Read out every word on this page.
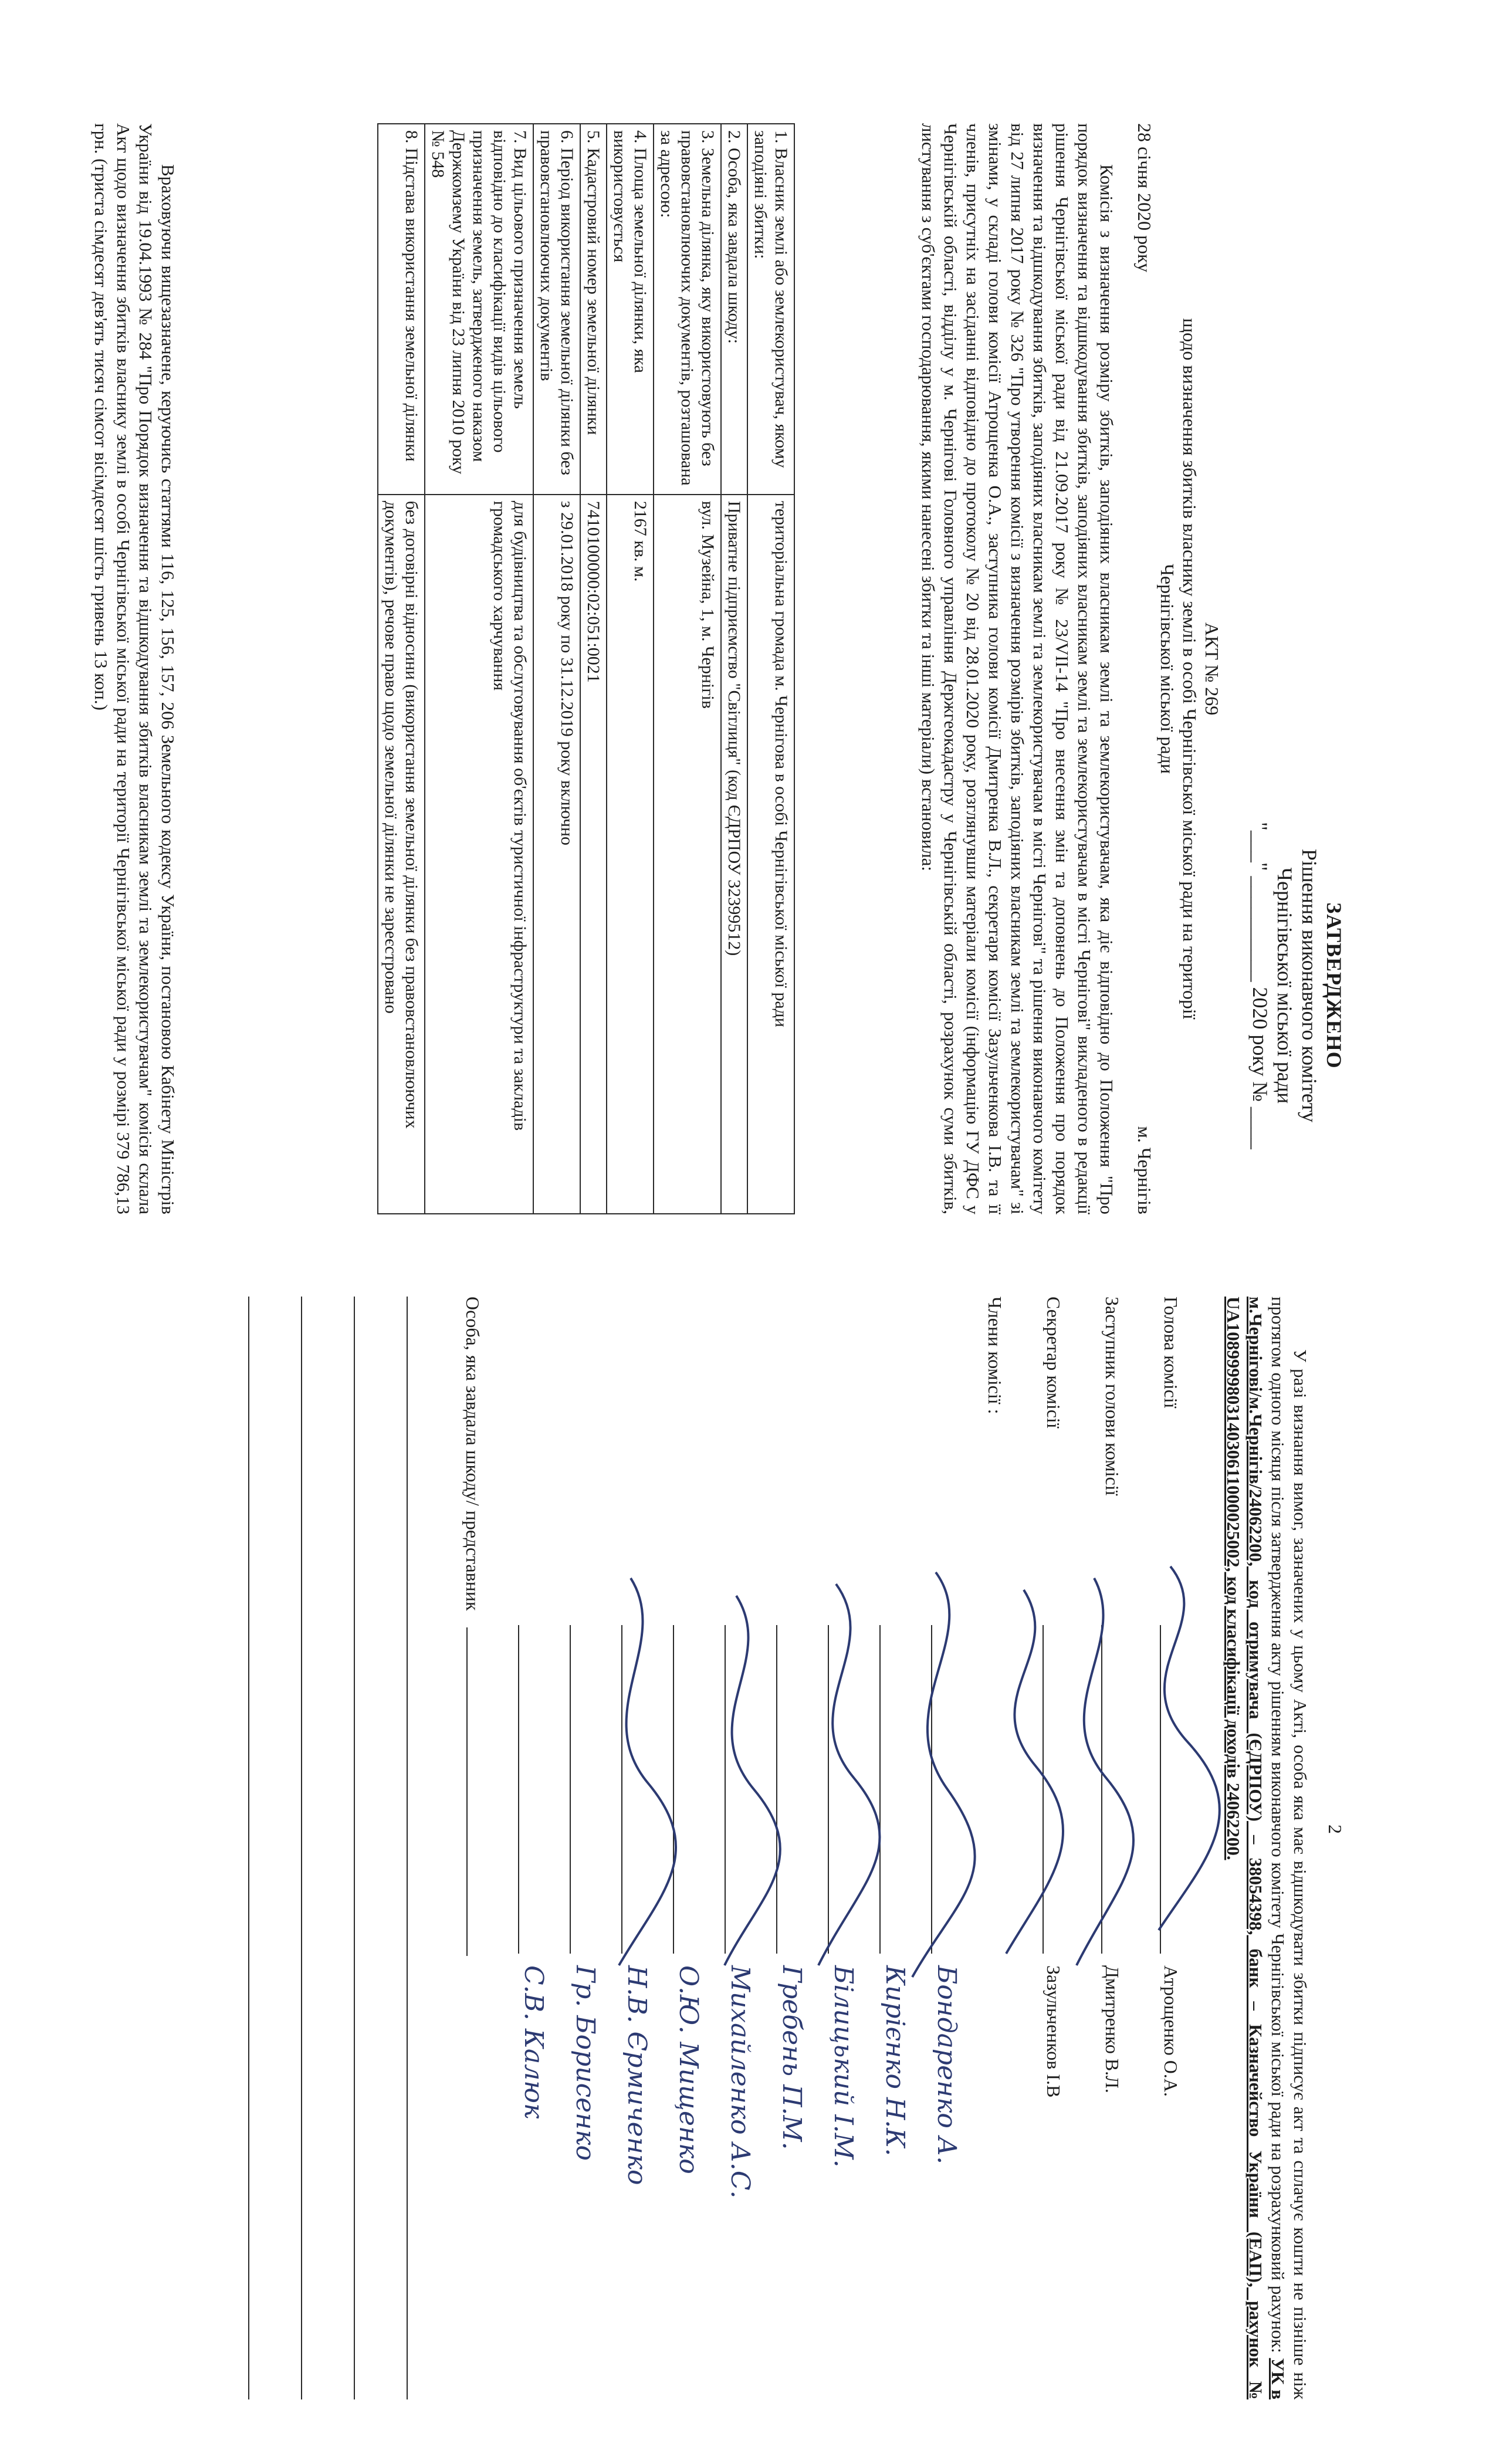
ЗАТВЕРДЖЕНО
Рішення виконавчого комітету
Чернігівської міської ради
"___" __________ 2020 року № ____
АКТ № 269
щодо визначення збитків власнику землі в особі Чернігівської міської ради на території
Чернігівської міської ради
28 січня 2020 року
м. Чернігів

Комісія з визначення розміру збитків, заподіяних власникам землі та землекористувачам, яка діє відповідно до Положення "Про порядок визначення та відшкодування збитків, заподіяних власникам землі та землекористувачам в місті Чернігові" викладеного в редакції рішення Чернігівської міської ради від 21.09.2017 року № 23/VII-14 "Про внесення змін та доповнень до Положення про порядок визначення та відшкодування збитків, заподіяних власникам землі та землекористувачам в місті Чернігові" та рішення виконавчого комітету від 27 липня 2017 року № 326 "Про утворення комісії з визначення розмірів збитків, заподіяних власникам землі та землекористувачам" зі змінами, у складі голови комісії Атрощенка О.А., заступника голови комісії Дмитренка В.Л., секретаря комісії Зазульченкова І.В. та її членів, присутніх на засіданні відповідно до протоколу № 20 від 28.01.2020 року, розглянувши матеріали комісії (інформацію ГУ ДФС у Чернігівській області, відділу у м. Чернігові Головного управління Держгеокадастру у Чернігівській області, розрахунок суми збитків, листування з суб'єктами господарювання, якими нанесені збитки та інші матеріали) встановила:

1. Власник землі або землекористувач, якому заподіяні збитки:	територіальна громада м. Чернігова в особі Чернігівської міської ради
2. Особа, яка завдала шкоду:	Приватне підприємство "Світлиця" (код ЄДРПОУ 32399512)
3. Земельна ділянка, яку використовують без правовстановлюючих документів, розташована за адресою:	вул. Музейна, 1, м. Чернігів
4. Площа земельної ділянки, яка використовується	2167 кв. м.
5. Кадастровий номер земельної ділянки	7410100000:02:051:0021
6. Період використання земельної ділянки без правовстановлюючих документів	з 29.01.2018 року по 31.12.2019 року включно
7. Вид цільового призначення земель відповідно до класифікації видів цільового призначення земель, затвердженого наказом Держкомзему України від 23 липня 2010 року № 548	для будівництва та обслуговування об'єктів туристичної інфраструктури та закладів громадського харчування
8. Підстава використання земельної ділянки	без договірні відносини (використання земельної ділянки без правовстановлюючих документів), речове право щодо земельної ділянки не зареєстровано

Враховуючи вищезазначене, керуючись статтями 116, 125, 156, 157, 206 Земельного кодексу України, постановою Кабінету Міністрів України від 19.04.1993 № 284 "Про Порядок визначення та відшкодування збитків власникам землі та землекористувачам" комісія склала Акт щодо визначення збитків власнику землі в особі Чернігівської міської ради на території Чернігівської міської ради у розмірі 379 786,13 грн. (триста сімдесят дев'ять тисяч сімсот вісімдесят шість гривень 13 коп.)

2

У разі визнання вимог, зазначених у цьому Акті, особа яка має відшкодувати збитки підписує акт та сплачує кошти не пізніше ніж протягом одного місяця після затвердження акту рішенням виконавчого комітету Чернігівської міської ради на розрахунковий рахунок: УК в м.Чернігові/м.Чернігів/24062200, код отримувача (ЄДРПОУ) – 38054398, банк – Казначейство України (ЕАП), рахунок № UA108999980314030611000025002, код класифікації доходів 24062200.

Голова комісії
Атрощенко О.А.
Заступник голови комісії
Дмитренко В.Л.
Секретар комісії
Зазульченков І.В
Члени комісії :
Бондаренко А.
Кирієнко Н.К.
Білицький І.М.
Гребень П.М.
Михайленко А.С.
О.Ю. Мищенко
Н.В. Єрмиченко
Гр. Борисенко
С.В. Калюк
Особа, яка завдала шкоду/ представник
